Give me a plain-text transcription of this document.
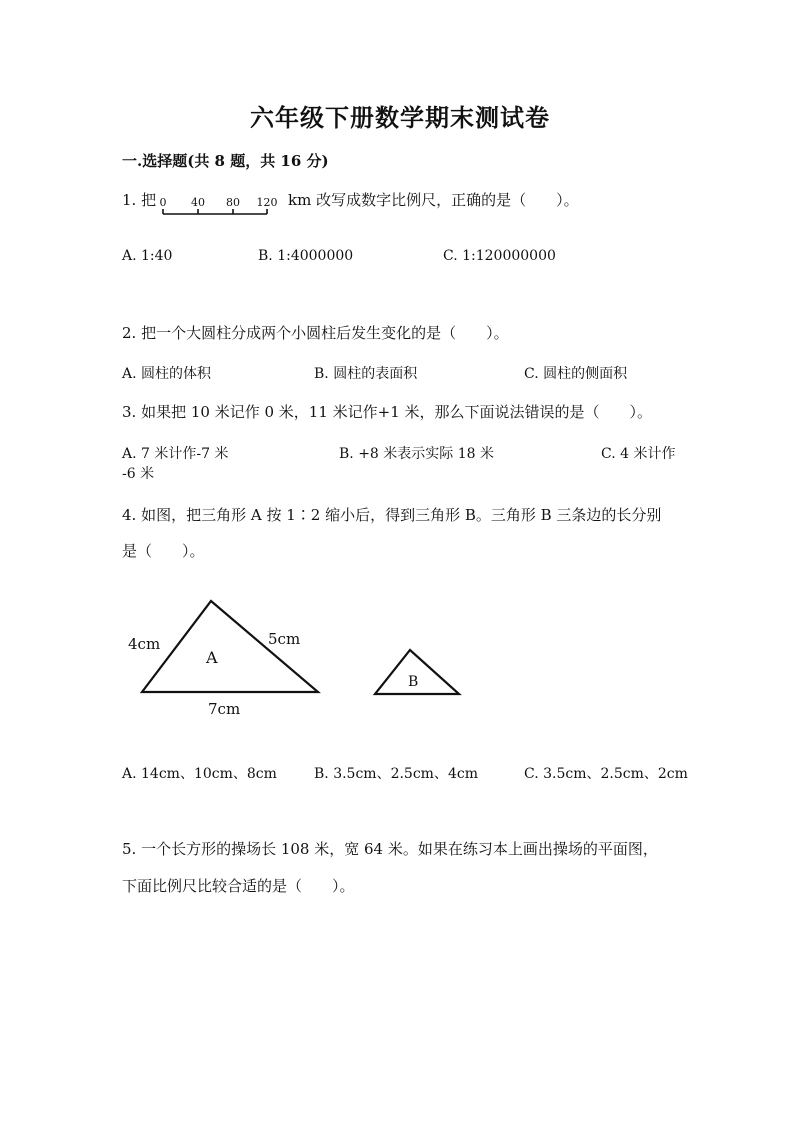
六年级下册数学期末测试卷
一.选择题(共 8 题，共 16 分)
1. 把 0 40 80 120 km 改写成数字比例尺，正确的是（　　）。
A. 1:40	B. 1:4000000	C. 1:120000000
2. 把一个大圆柱分成两个小圆柱后发生变化的是（　　）。
A. 圆柱的体积	B. 圆柱的表面积	C. 圆柱的侧面积
3. 如果把 10 米记作 0 米，11 米记作+1 米，那么下面说法错误的是（　　）。
A. 7 米计作-7 米	B. +8 米表示实际 18 米	C. 4 米计作
-6 米
4. 如图，把三角形 A 按 1∶2 缩小后，得到三角形 B。三角形 B 三条边的长分别
是（　　）。
4cm	5cm
7cm
A
B
A. 14cm、10cm、8cm	B. 3.5cm、2.5cm、4cm	C. 3.5cm、2.5cm、2cm
5. 一个长方形的操场长 108 米，宽 64 米。如果在练习本上画出操场的平面图，
下面比例尺比较合适的是（　　）。
